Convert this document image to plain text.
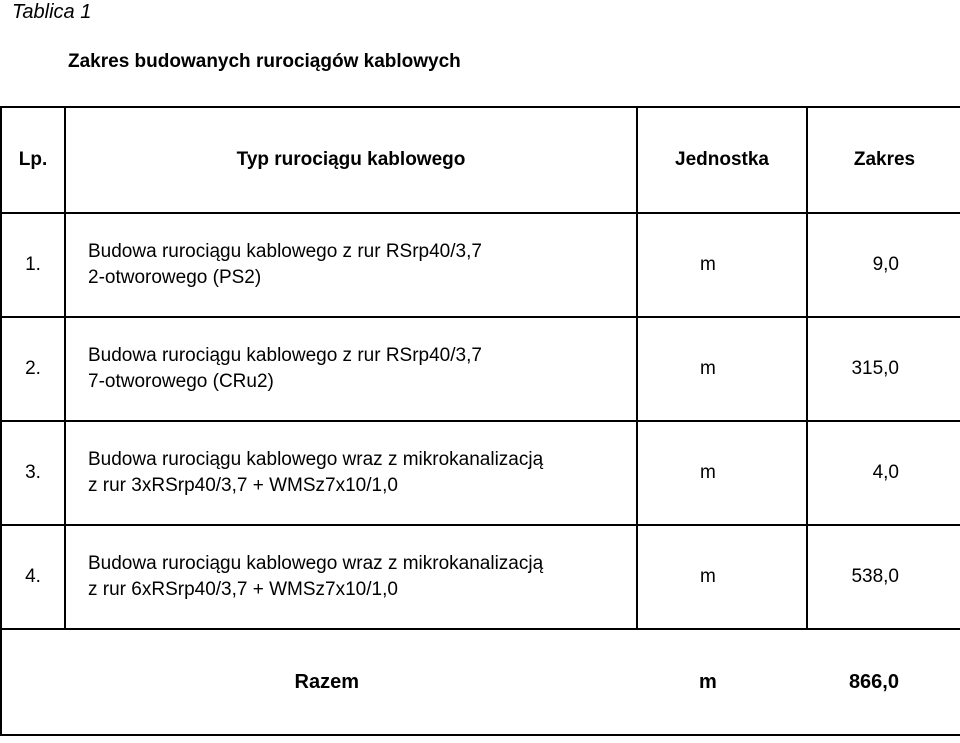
Tablica 1
Zakres budowanych rurociągów kablowych
Lp.	Typ rurociągu kablowego	Jednostka	Zakres
1.	Budowa rurociągu kablowego z rur RSrp40/3,7
2-otworowego (PS2)	m	9,0
2.	Budowa rurociągu kablowego z rur RSrp40/3,7
7-otworowego (CRu2)	m	315,0
3.	Budowa rurociągu kablowego wraz z mikrokanalizacją
z rur 3xRSrp40/3,7 + WMSz7x10/1,0	m	4,0
4.	Budowa rurociągu kablowego wraz z mikrokanalizacją
z rur 6xRSrp40/3,7 + WMSz7x10/1,0	m	538,0
Razem		m	866,0
